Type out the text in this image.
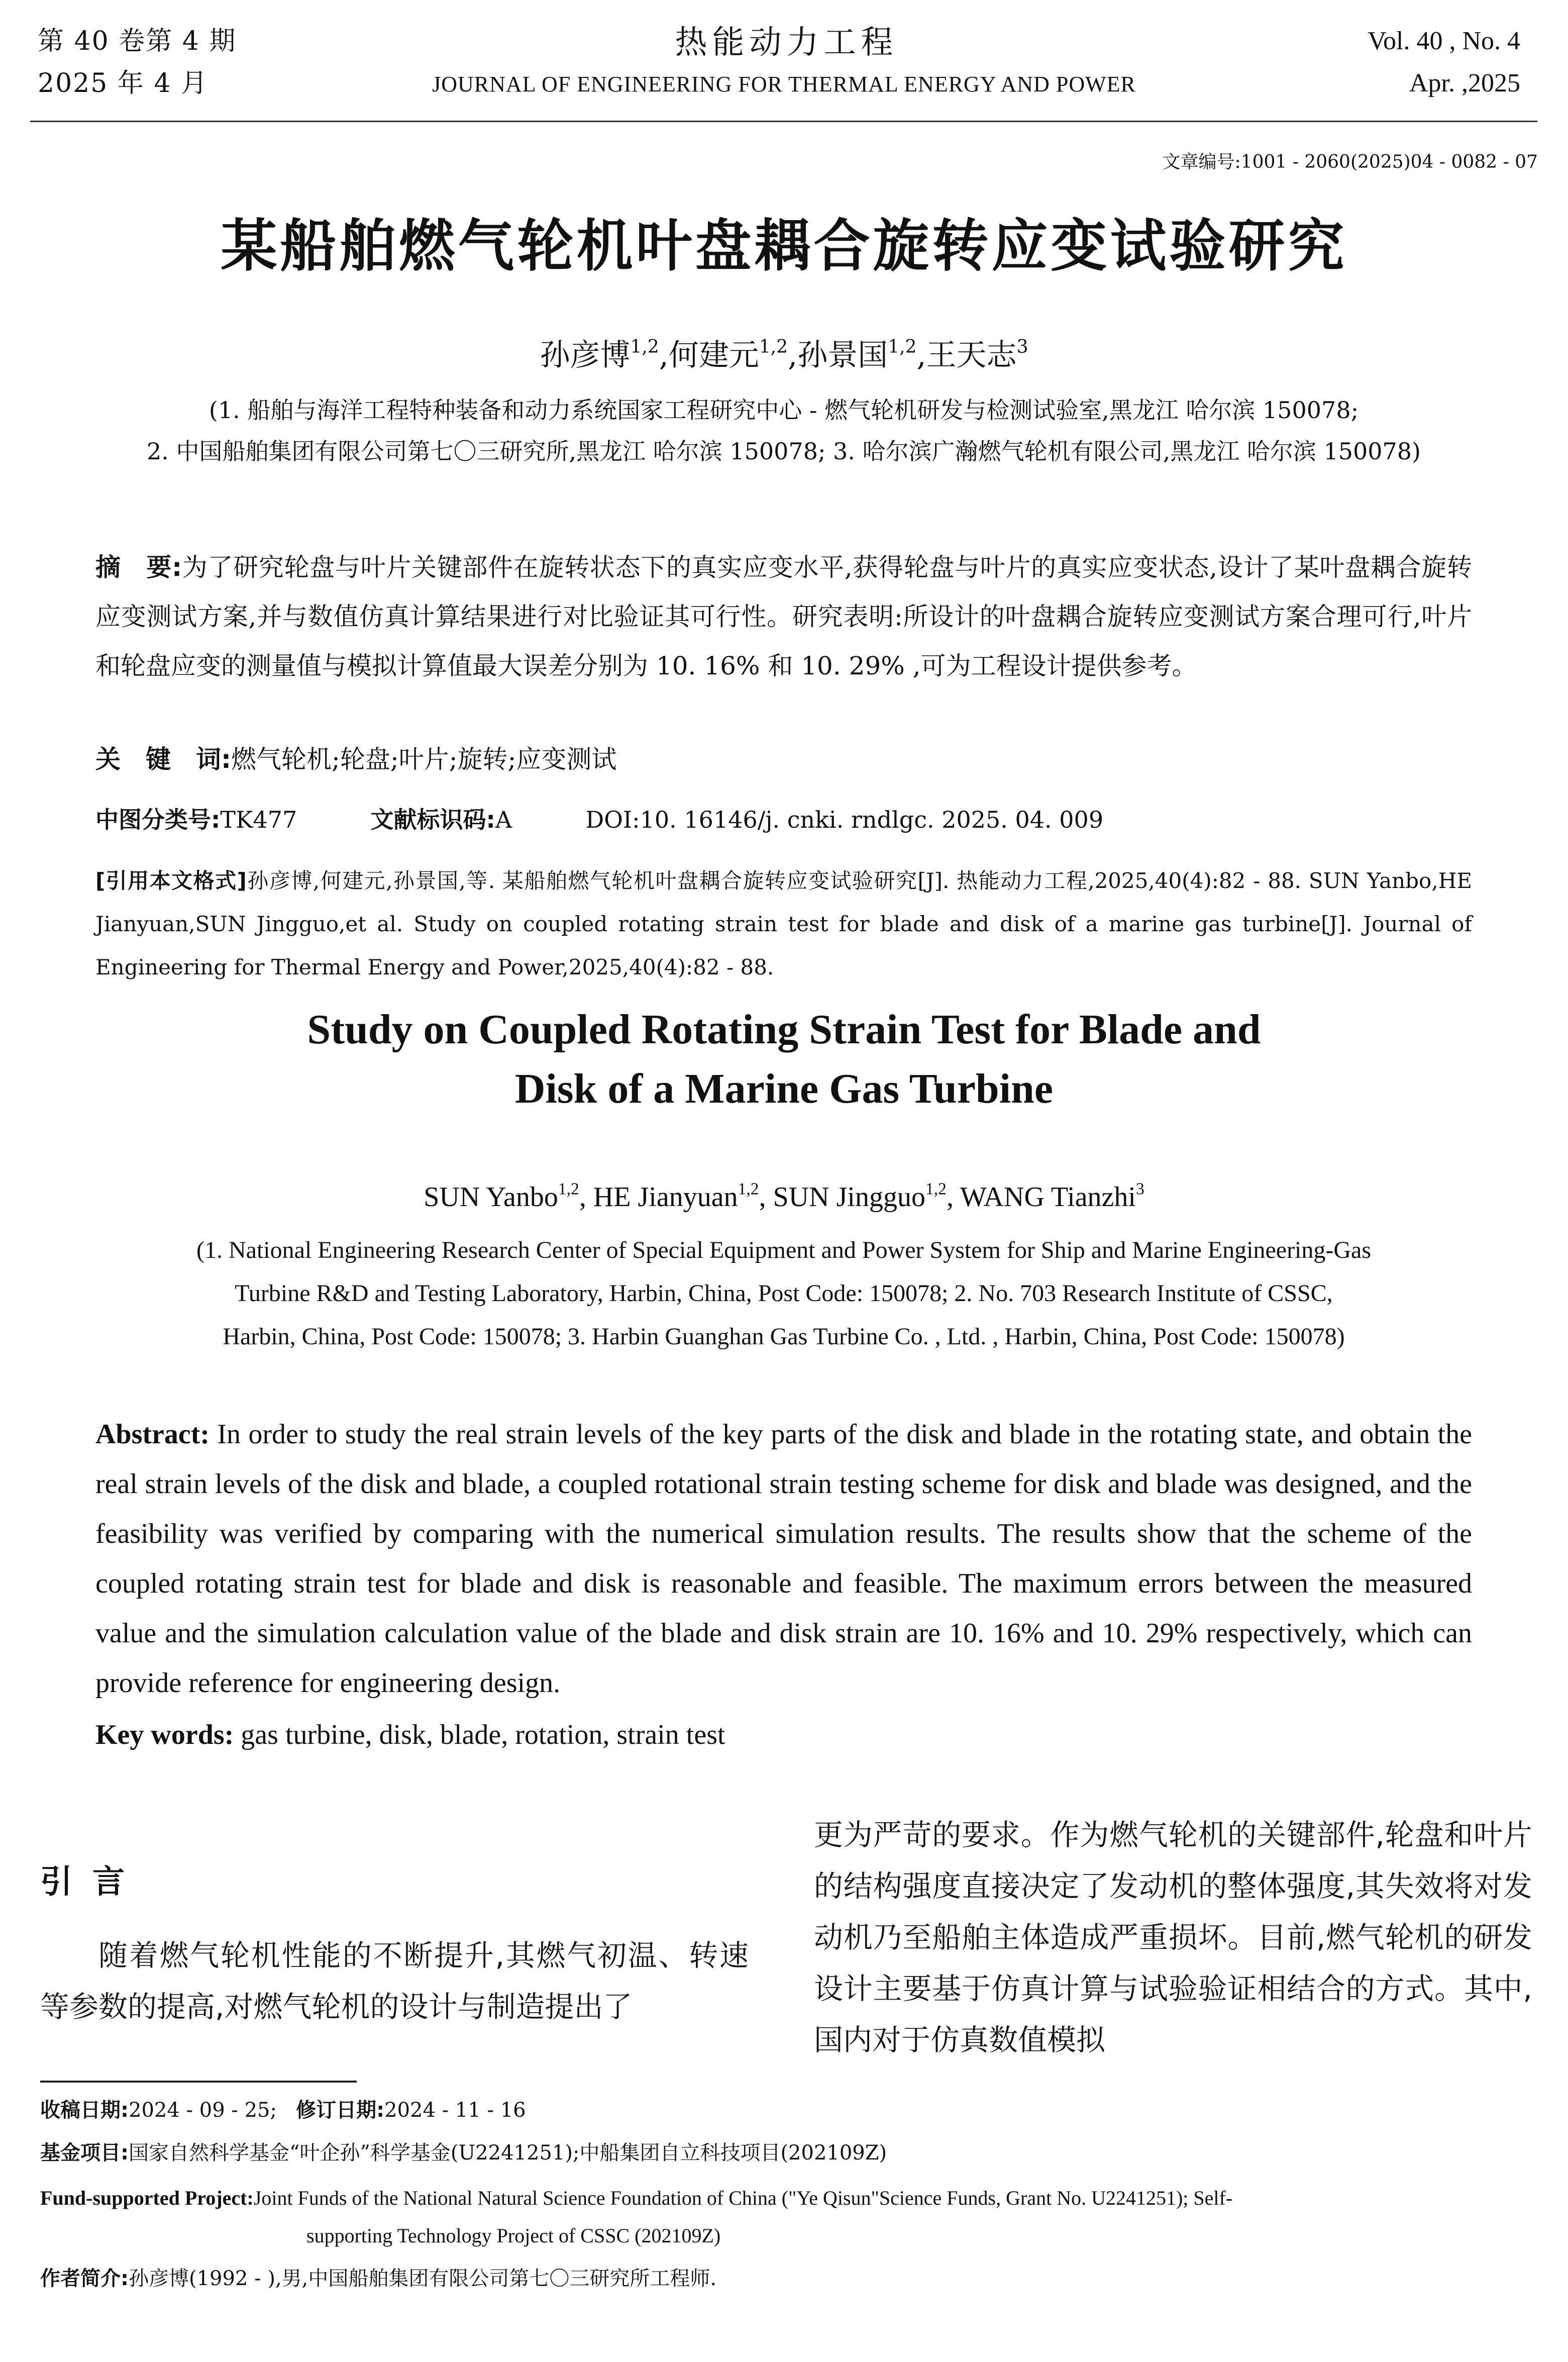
第 40 卷第 4 期
2025 年 4 月
热 能 动 力 工 程
JOURNAL OF ENGINEERING FOR THERMAL ENERGY AND POWER
Vol. 40 , No. 4
Apr. ,2025
文章编号:1001 - 2060(2025)04 - 0082 - 07
某船舶燃气轮机叶盘耦合旋转应变试验研究
孙彦博$^{1,2}$,何建元$^{1,2}$,孙景国$^{1,2}$,王天志$^3$
(1. 船舶与海洋工程特种装备和动力系统国家工程研究中心 - 燃气轮机研发与检测试验室,黑龙江 哈尔滨 150078;
2. 中国船舶集团有限公司第七〇三研究所,黑龙江 哈尔滨 150078; 3. 哈尔滨广瀚燃气轮机有限公司,黑龙江 哈尔滨 150078)
摘　要:为了研究轮盘与叶片关键部件在旋转状态下的真实应变水平,获得轮盘与叶片的真实应变状态,设计了某叶盘耦合旋转应变测试方案,并与数值仿真计算结果进行对比验证其可行性。研究表明:所设计的叶盘耦合旋转应变测试方案合理可行,叶片和轮盘应变的测量值与模拟计算值最大误差分别为 10. 16% 和 10. 29% ,可为工程设计提供参考。
关　键　词:燃气轮机;轮盘;叶片;旋转;应变测试
中图分类号:TK477	文献标识码:A	DOI:10. 16146/j. cnki. rndlgc. 2025. 04. 009
[引用本文格式]孙彦博,何建元,孙景国,等. 某船舶燃气轮机叶盘耦合旋转应变试验研究[J]. 热能动力工程,2025,40(4):82 - 88. SUN Yanbo,HE Jianyuan,SUN Jingguo,et al. Study on coupled rotating strain test for blade and disk of a marine gas turbine[J]. Journal of Engineering for Thermal Energy and Power,2025,40(4):82 - 88.
Study on Coupled Rotating Strain Test for Blade and
Disk of a Marine Gas Turbine
SUN Yanbo$^{1,2}$, HE Jianyuan$^{1,2}$, SUN Jingguo$^{1,2}$, WANG Tianzhi$^3$
(1. National Engineering Research Center of Special Equipment and Power System for Ship and Marine Engineering-Gas
Turbine R&D and Testing Laboratory, Harbin, China, Post Code: 150078; 2. No. 703 Research Institute of CSSC,
Harbin, China, Post Code: 150078; 3. Harbin Guanghan Gas Turbine Co. , Ltd. , Harbin, China, Post Code: 150078)
Abstract: In order to study the real strain levels of the key parts of the disk and blade in the rotating state, and obtain the real strain levels of the disk and blade, a coupled rotational strain testing scheme for disk and blade was designed, and the feasibility was verified by comparing with the numerical simulation results. The results show that the scheme of the coupled rotating strain test for blade and disk is reasonable and feasible. The maximum errors between the measured value and the simulation calculation value of the blade and disk strain are 10. 16% and 10. 29% respectively, which can provide reference for engineering design.
Key words: gas turbine, disk, blade, rotation, strain test
引言
随着燃气轮机性能的不断提升,其燃气初温、转速等参数的提高,对燃气轮机的设计与制造提出了
更为严苛的要求。作为燃气轮机的关键部件,轮盘和叶片的结构强度直接决定了发动机的整体强度,其失效将对发动机乃至船舶主体造成严重损坏。目前,燃气轮机的研发设计主要基于仿真计算与试验验证相结合的方式。其中,国内对于仿真数值模拟
收稿日期:2024 - 09 - 25; 修订日期:2024 - 11 - 16
基金项目:国家自然科学基金“叶企孙”科学基金(U2241251);中船集团自立科技项目(202109Z)
Fund-supported Project:Joint Funds of the National Natural Science Foundation of China ("Ye Qisun"Science Funds, Grant No. U2241251); Self-
supporting Technology Project of CSSC (202109Z)
作者简介:孙彦博(1992 - ),男,中国船舶集团有限公司第七〇三研究所工程师.
